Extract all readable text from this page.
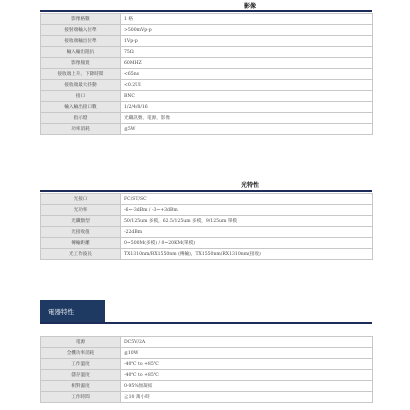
影像
影像格數	1 格
接射端輸入位準	>500mVp-p
接收端輸出位準	1Vp-p
輸入輸出阻抗	75Ω
影像頻寬	60MHZ
接收端上升、下降時間	<65ns
接收端最大抖動	<0.2UI
接口	BNC
輸入輸出接口數	1/2/4/8/16
指示燈	光纖訊號、電源、影像
功率消耗	≦5W
光特性
光接口	FC/ST/SC
光功率	-6~-3dBm / -3~+3dBm
光纖類型	50/125um 多模，62.5/125um 多模，9/125um 單模
光接收值	-22dBm
傳輸距離	0~500M(多模) / 0~20KM(單模)
光工作波長	TX1310nm/RX1550nm (傳輸)，TX1550nm/RX1310nm(接收)
電器特性
電源	DC5V/2A
全機功率消耗	≦10W
工作溫度	-40℃ to +85℃
儲存溫度	-40℃ to +85℃
相對濕度	0-95%無凝結
工作時間	≧10 萬小時
